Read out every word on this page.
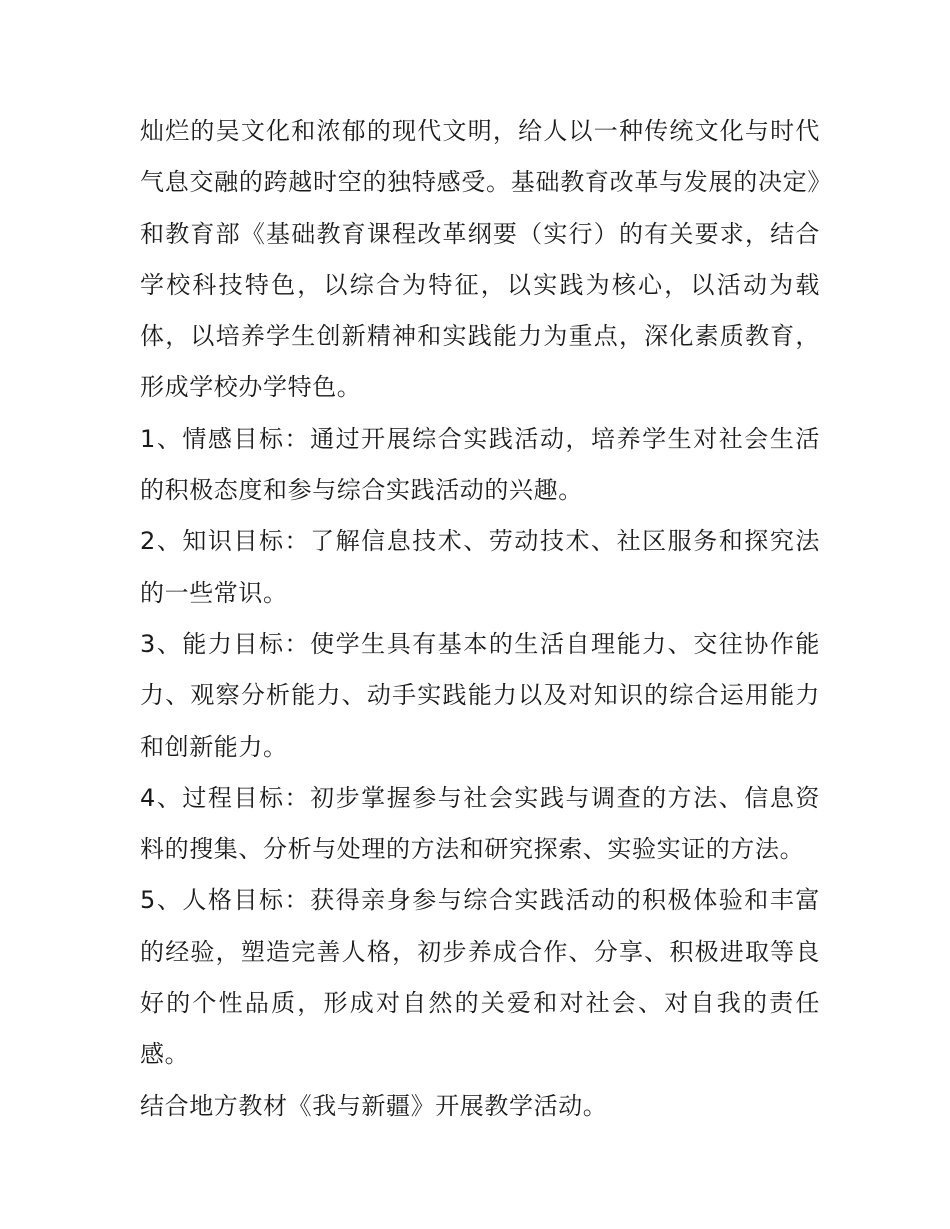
灿烂的吴文化和浓郁的现代文明，给人以一种传统文化与时代气息交融的跨越时空的独特感受。基础教育改革与发展的决定》和教育部《基础教育课程改革纲要（实行）的有关要求，结合学校科技特色，以综合为特征，以实践为核心，以活动为载体，以培养学生创新精神和实践能力为重点，深化素质教育，形成学校办学特色。

1、情感目标：通过开展综合实践活动，培养学生对社会生活的积极态度和参与综合实践活动的兴趣。

2、知识目标：了解信息技术、劳动技术、社区服务和探究法的一些常识。

3、能力目标：使学生具有基本的生活自理能力、交往协作能力、观察分析能力、动手实践能力以及对知识的综合运用能力和创新能力。

4、过程目标：初步掌握参与社会实践与调查的方法、信息资料的搜集、分析与处理的方法和研究探索、实验实证的方法。

5、人格目标：获得亲身参与综合实践活动的积极体验和丰富的经验，塑造完善人格，初步养成合作、分享、积极进取等良好的个性品质，形成对自然的关爱和对社会、对自我的责任感。

结合地方教材《我与新疆》开展教学活动。
